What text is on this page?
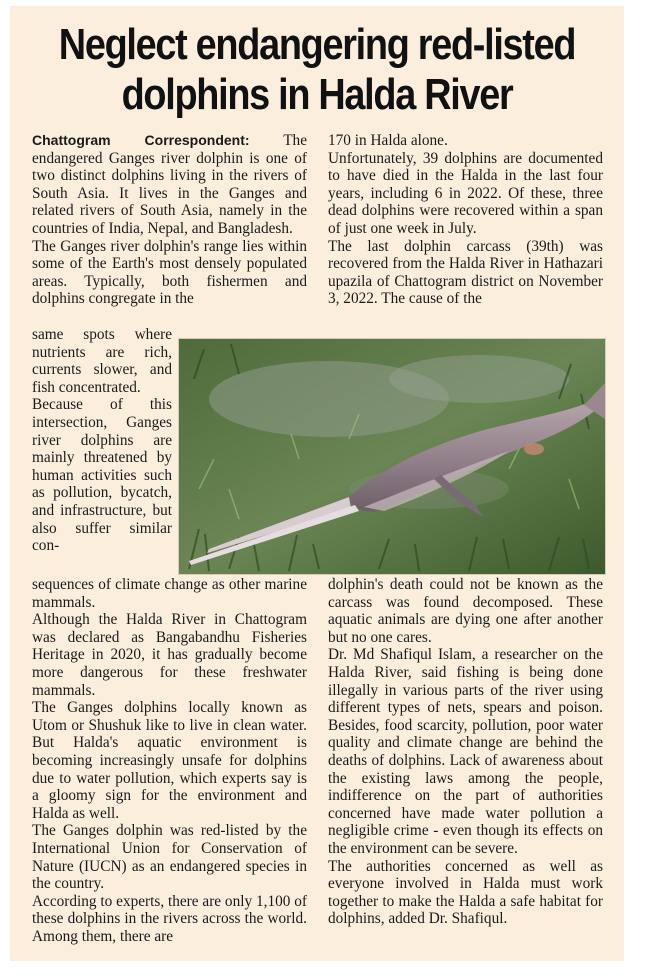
Neglect endangering red-listed
dolphins in Halda River

Chattogram Correspondent: The endangered Ganges river dolphin is one of two distinct dolphins living in the rivers of South Asia. It lives in the Ganges and related rivers of South Asia, namely in the countries of India, Nepal, and Bangladesh.

The Ganges river dolphin's range lies within some of the Earth's most densely populated areas. Typically, both fishermen and dolphins congregate in the

same spots where nutrients are rich, currents slower, and fish concentrated.

Because of this intersection, Ganges river dolphins are mainly threatened by human activities such as pollution, bycatch, and infrastructure, but also suffer similar con-

sequences of climate change as other marine mammals.

Although the Halda River in Chattogram was declared as Bangabandhu Fisheries Heritage in 2020, it has gradually become more dangerous for these freshwater mammals.

The Ganges dolphins locally known as Utom or Shushuk like to live in clean water. But Halda's aquatic environment is becoming increasingly unsafe for dolphins due to water pollution, which experts say is a gloomy sign for the environment and Halda as well.

The Ganges dolphin was red-listed by the International Union for Conservation of Nature (IUCN) as an endangered species in the country.

According to experts, there are only 1,100 of these dolphins in the rivers across the world. Among them, there are

170 in Halda alone.

Unfortunately, 39 dolphins are documented to have died in the Halda in the last four years, including 6 in 2022. Of these, three dead dolphins were recovered within a span of just one week in July.

The last dolphin carcass (39th) was recovered from the Halda River in Hathazari upazila of Chattogram district on November 3, 2022. The cause of the

dolphin's death could not be known as the carcass was found decomposed. These aquatic animals are dying one after another but no one cares.

Dr. Md Shafiqul Islam, a researcher on the Halda River, said fishing is being done illegally in various parts of the river using different types of nets, spears and poison. Besides, food scarcity, pollution, poor water quality and climate change are behind the deaths of dolphins. Lack of awareness about the existing laws among the people, indifference on the part of authorities concerned have made water pollution a negligible crime - even though its effects on the environment can be severe.

The authorities concerned as well as everyone involved in Halda must work together to make the Halda a safe habitat for dolphins, added Dr. Shafiqul.
